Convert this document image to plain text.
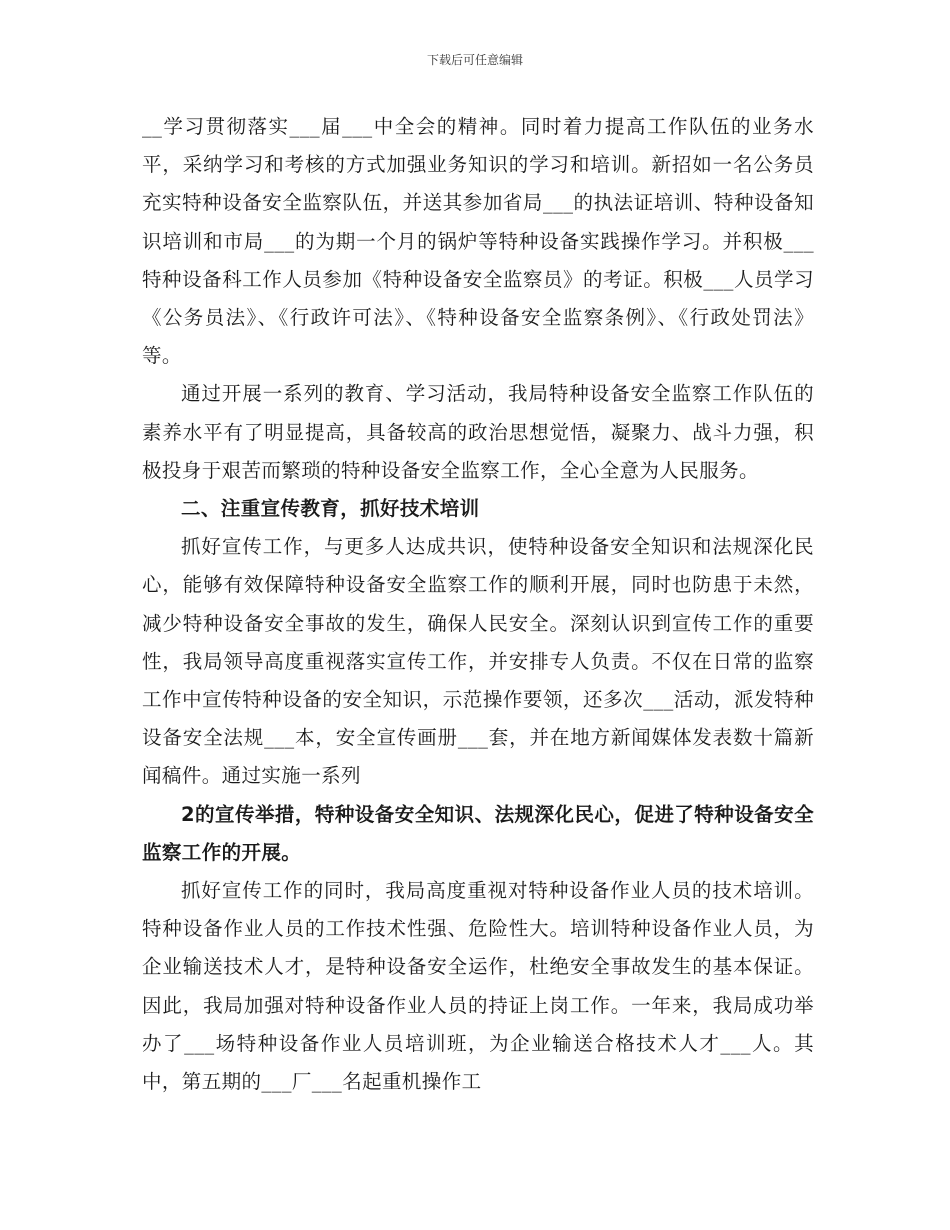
下载后可任意编辑

__学习贯彻落实___届___中全会的精神。同时着力提高工作队伍的业务水平，采纳学习和考核的方式加强业务知识的学习和培训。新招如一名公务员充实特种设备安全监察队伍，并送其参加省局___的执法证培训、特种设备知识培训和市局___的为期一个月的锅炉等特种设备实践操作学习。并积极___特种设备科工作人员参加《特种设备安全监察员》的考证。积极___人员学习《公务员法》、《行政许可法》、《特种设备安全监察条例》、《行政处罚法》等。

通过开展一系列的教育、学习活动，我局特种设备安全监察工作队伍的素养水平有了明显提高，具备较高的政治思想觉悟，凝聚力、战斗力强，积极投身于艰苦而繁琐的特种设备安全监察工作，全心全意为人民服务。

二、注重宣传教育，抓好技术培训

抓好宣传工作，与更多人达成共识，使特种设备安全知识和法规深化民心，能够有效保障特种设备安全监察工作的顺利开展，同时也防患于未然，减少特种设备安全事故的发生，确保人民安全。深刻认识到宣传工作的重要性，我局领导高度重视落实宣传工作，并安排专人负责。不仅在日常的监察工作中宣传特种设备的安全知识，示范操作要领，还多次___活动，派发特种设备安全法规___本，安全宣传画册___套，并在地方新闻媒体发表数十篇新闻稿件。通过实施一系列

2的宣传举措，特种设备安全知识、法规深化民心，促进了特种设备安全监察工作的开展。

抓好宣传工作的同时，我局高度重视对特种设备作业人员的技术培训。特种设备作业人员的工作技术性强、危险性大。培训特种设备作业人员，为企业输送技术人才，是特种设备安全运作，杜绝安全事故发生的基本保证。因此，我局加强对特种设备作业人员的持证上岗工作。一年来，我局成功举办了___场特种设备作业人员培训班，为企业输送合格技术人才___人。其中，第五期的___厂___名起重机操作工
